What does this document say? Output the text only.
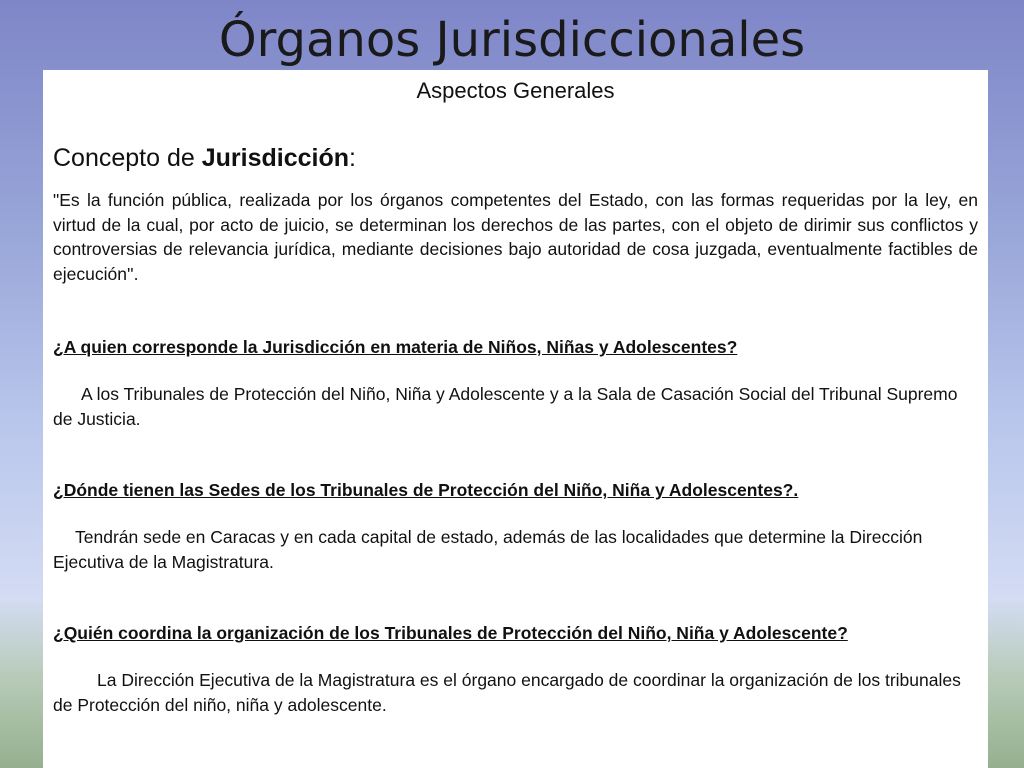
Órganos Jurisdiccionales
Aspectos Generales
Concepto de Jurisdicción:
"Es la función pública, realizada por los órganos competentes del Estado, con las formas requeridas por la ley, en virtud de la cual, por acto de juicio, se determinan los derechos de las partes, con el objeto de dirimir sus conflictos y controversias de relevancia jurídica, mediante decisiones bajo autoridad de cosa juzgada, eventualmente factibles de ejecución''.
¿A quien corresponde la Jurisdicción en materia de Niños, Niñas y Adolescentes?
A los Tribunales de Protección del Niño, Niña y Adolescente y a la Sala de Casación Social del Tribunal Supremo de Justicia.
¿Dónde tienen las Sedes de los Tribunales de Protección del Niño, Niña y Adolescentes?.
Tendrán sede en Caracas y en cada capital de estado, además de las localidades que determine la Dirección Ejecutiva de la Magistratura.
¿Quién coordina la organización de los Tribunales de Protección del Niño, Niña y Adolescente?
La Dirección Ejecutiva de la Magistratura es el órgano encargado de coordinar la organización de los tribunales de Protección del niño, niña y adolescente.
